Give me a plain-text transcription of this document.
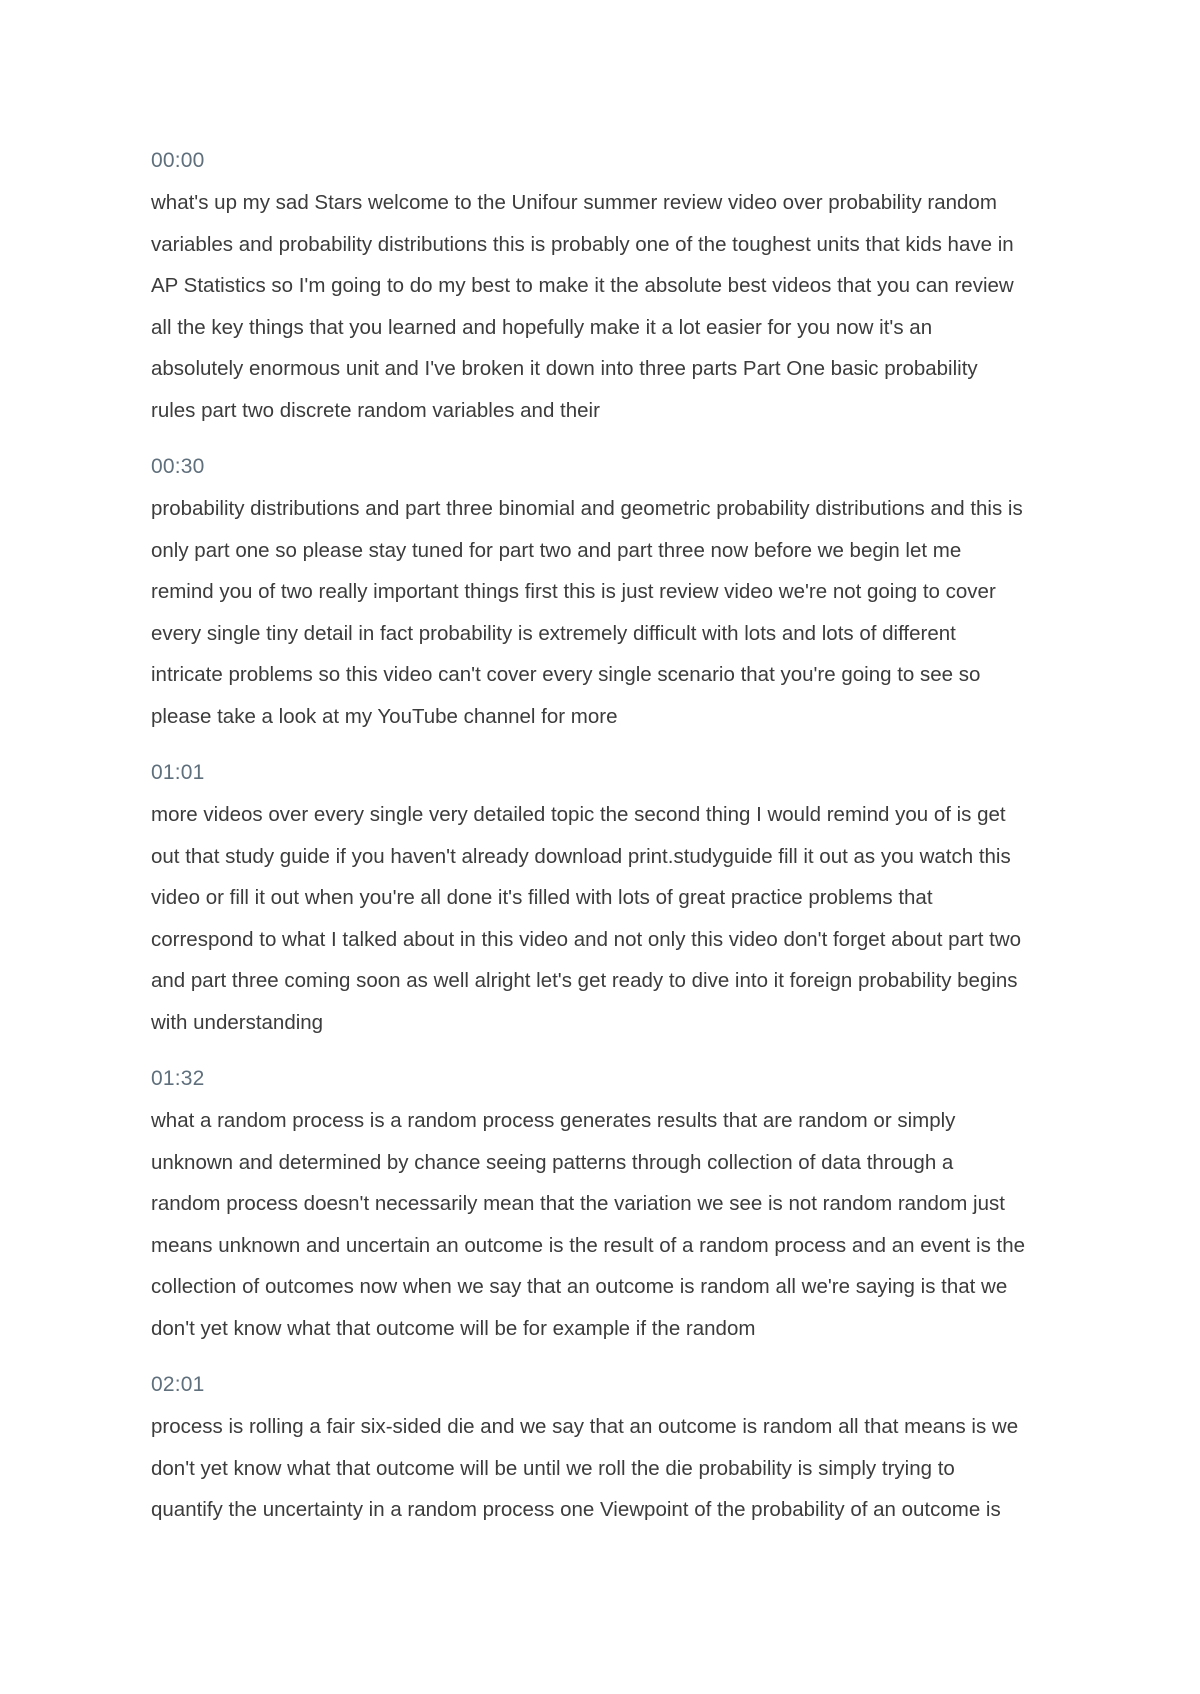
00:00

what's up my sad Stars welcome to the Unifour summer review video over probability random
variables and probability distributions this is probably one of the toughest units that kids have in
AP Statistics so I'm going to do my best to make it the absolute best videos that you can review
all the key things that you learned and hopefully make it a lot easier for you now it's an
absolutely enormous unit and I've broken it down into three parts Part One basic probability
rules part two discrete random variables and their

00:30

probability distributions and part three binomial and geometric probability distributions and this is
only part one so please stay tuned for part two and part three now before we begin let me
remind you of two really important things first this is just review video we're not going to cover
every single tiny detail in fact probability is extremely difficult with lots and lots of different
intricate problems so this video can't cover every single scenario that you're going to see so
please take a look at my YouTube channel for more

01:01

more videos over every single very detailed topic the second thing I would remind you of is get
out that study guide if you haven't already download print.studyguide fill it out as you watch this
video or fill it out when you're all done it's filled with lots of great practice problems that
correspond to what I talked about in this video and not only this video don't forget about part two
and part three coming soon as well alright let's get ready to dive into it foreign probability begins
with understanding

01:32

what a random process is a random process generates results that are random or simply
unknown and determined by chance seeing patterns through collection of data through a
random process doesn't necessarily mean that the variation we see is not random random just
means unknown and uncertain an outcome is the result of a random process and an event is the
collection of outcomes now when we say that an outcome is random all we're saying is that we
don't yet know what that outcome will be for example if the random

02:01

process is rolling a fair six-sided die and we say that an outcome is random all that means is we
don't yet know what that outcome will be until we roll the die probability is simply trying to
quantify the uncertainty in a random process one Viewpoint of the probability of an outcome is
